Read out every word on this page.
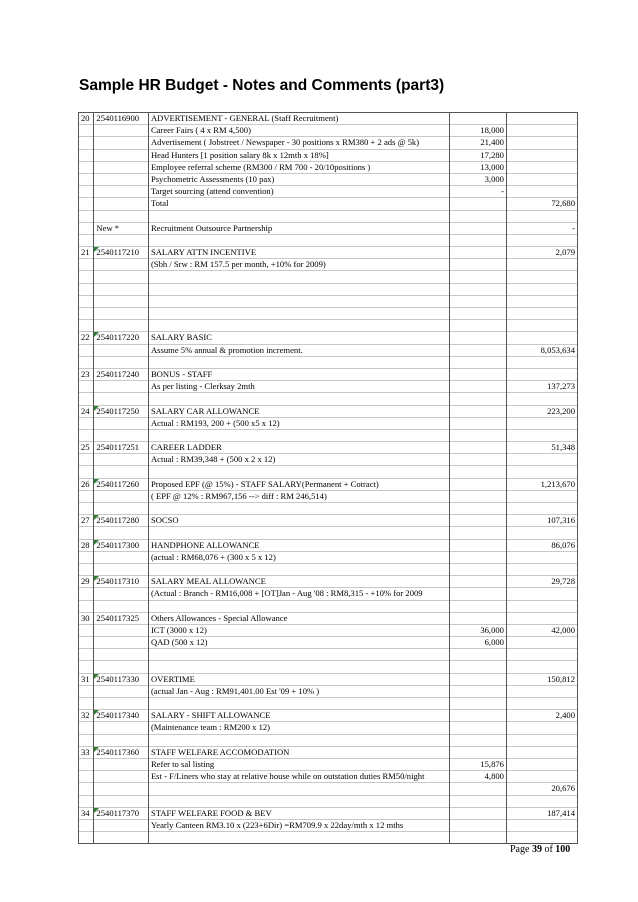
Sample HR Budget - Notes and Comments (part3)
20	2540116900	ADVERTISEMENT - GENERAL (Staff Recruitment)		
		Career Fairs ( 4 x RM 4,500)	18,000	
		Advertisement ( Jobstreet / Newspaper - 30 positions x RM380 + 2 ads @ 5k)	21,400	
		Head Hunters [1 position salary 8k x 12mth x 18%]	17,280	
		Employee referral scheme (RM300 / RM 700 - 20/10positions )	13,000	
		Psychometric Assessments (10 pax)	3,000	
		Target sourcing (attend convention)	-	
		Total		72,680

	New *	Recruitment Outsource Partnership		-

21	2540117210	SALARY ATTN INCENTIVE		2,079
		(Sbh / Srw : RM 157.5 per month, +10% for 2009)		

22	2540117220	SALARY BASIC		
		Assume 5% annual & promotion increment.		8,053,634

23	2540117240	BONUS - STAFF		
		As per listing - Clerksay 2mth		137,273

24	2540117250	SALARY CAR ALLOWANCE		223,200
		Actual : RM193, 200 + (500 x5 x 12)		

25	2540117251	CAREER LADDER		51,348
		Actual : RM39,348 + (500 x 2 x 12)		

26	2540117260	Proposed EPF (@ 15%) - STAFF SALARY(Permanent + Cotract)		1,213,670
		( EPF @ 12% : RM967,156 --> diff : RM 246,514)		

27	2540117280	SOCSO		107,316

28	2540117300	HANDPHONE ALLOWANCE		86,076
		(actual : RM68,076 + (300 x 5 x 12)		

29	2540117310	SALARY MEAL ALLOWANCE		29,728
		(Actual : Branch - RM16,008 + [OT]Jan - Aug '08 : RM8,315 - +10% for 2009		

30	2540117325	Others Allowances - Special Allowance		
		ICT (3000 x 12)	36,000	42,000
		QAD (500 x 12)	6,000	

31	2540117330	OVERTIME		150,812
		(actual Jan - Aug : RM91,401.00 Est '09 + 10% )		

32	2540117340	SALARY - SHIFT ALLOWANCE		2,400
		(Maintenance team : RM200 x 12)		

33	2540117360	STAFF WELFARE ACCOMODATION		
		Refer to sal listing	15,876	
		Est - F/Liners who stay at relative house while on outstation duties RM50/night	4,800	
				20,676

34	2540117370	STAFF WELFARE FOOD & BEV		187,414
		Yearly Canteen RM3.10 x (223+6Dir) =RM709.9 x 22day/mth x 12 mths		

Page 39 of 100
